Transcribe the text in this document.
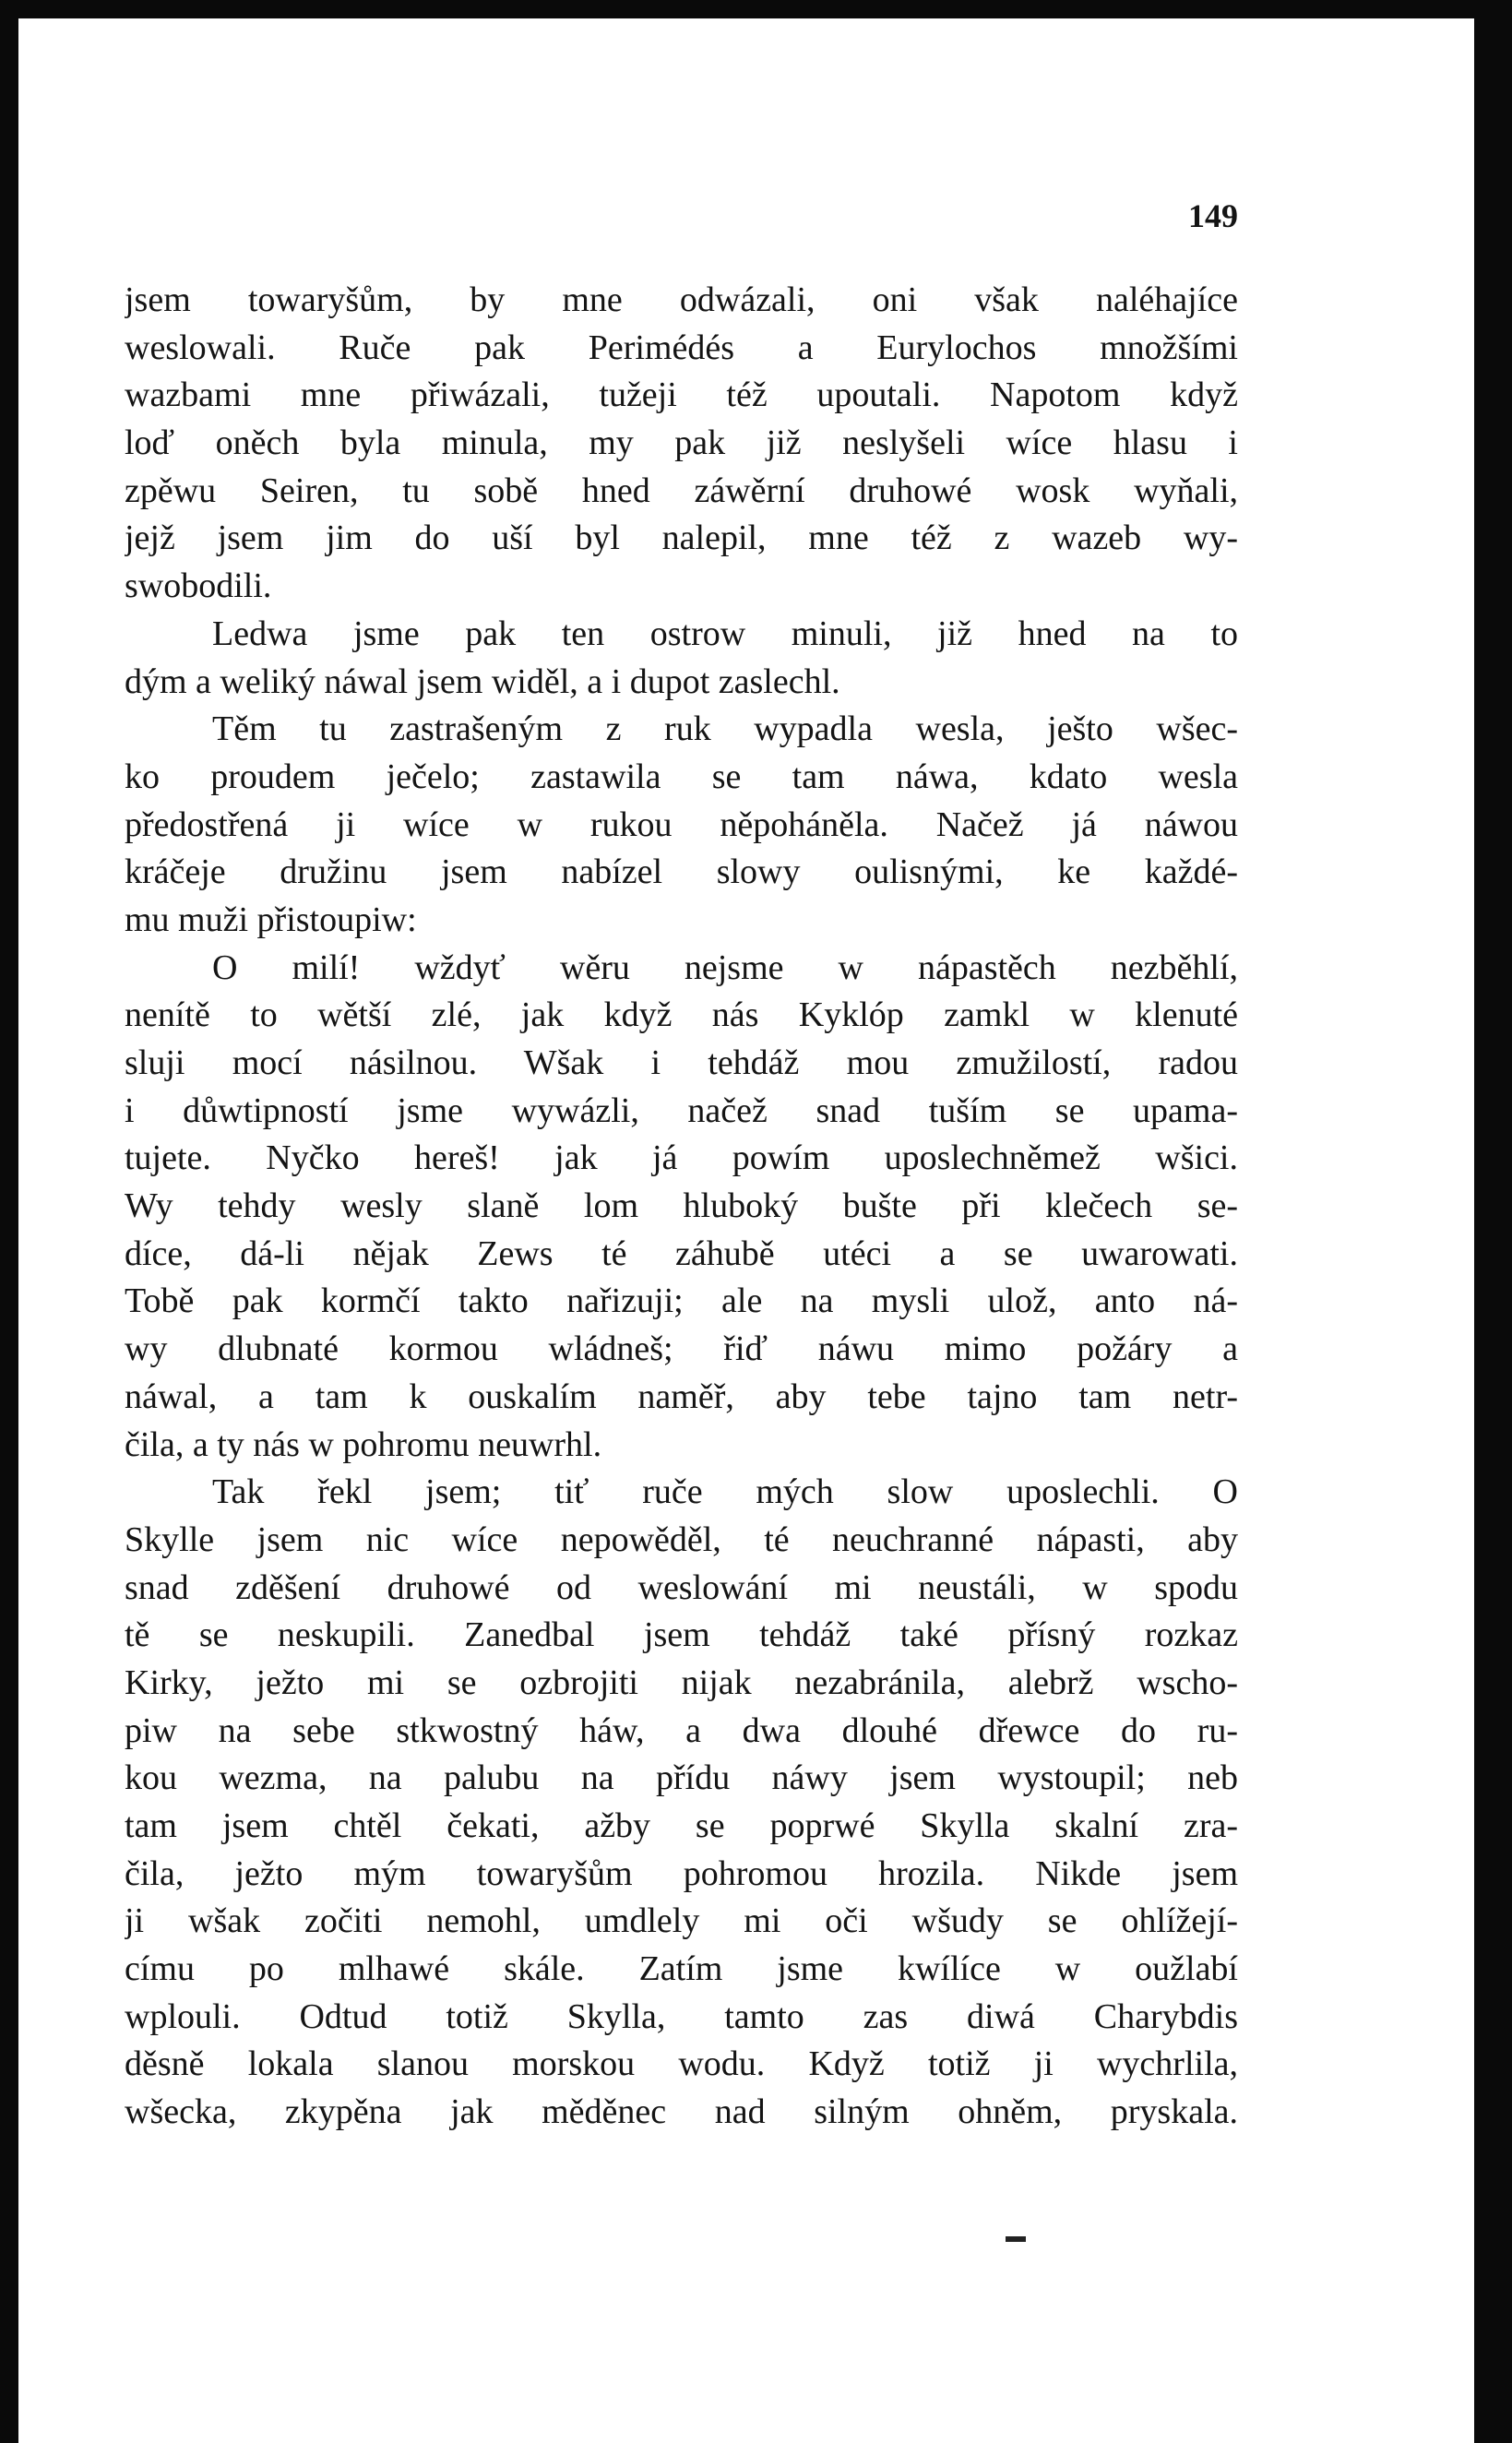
149
jsem towaryšům, by mne odwázali, oni však naléhajíce
weslowali. Ruče pak Perimédés a Eurylochos množšími
wazbami mne přiwázali, tužeji též upoutali. Napotom když
loď oněch byla minula, my pak již neslyšeli wíce hlasu i
zpěwu Seiren, tu sobě hned záwěrní druhowé wosk wyňali,
jejž jsem jim do uší byl nalepil, mne též z wazeb wy-
swobodili.
Ledwa jsme pak ten ostrow minuli, již hned na to
dým a weliký náwal jsem widěl, a i dupot zaslechl.
Těm tu zastrašeným z ruk wypadla wesla, ješto wšec-
ko proudem ječelo; zastawila se tam náwa, kdato wesla
předostřená ji wíce w rukou něpoháněla. Načež já náwou
kráčeje družinu jsem nabízel slowy oulisnými, ke každé-
mu muži přistoupiw:
O milí! wždyť wěru nejsme w nápastěch nezběhlí,
nenítě to wětší zlé, jak když nás Kyklóp zamkl w klenuté
sluji mocí násilnou. Wšak i tehdáž mou zmužilostí, radou
i důwtipností jsme wywázli, načež snad tuším se upama-
tujete. Nyčko hereš! jak já powím uposlechněmež wšici.
Wy tehdy wesly slaně lom hluboký bušte při klečech se-
díce, dá-li nějak Zews té záhubě utéci a se uwarowati.
Tobě pak kormčí takto nařizuji; ale na mysli ulož, anto ná-
wy dlubnaté kormou wládneš; řiď náwu mimo požáry a
náwal, a tam k ouskalím naměř, aby tebe tajno tam netr-
čila, a ty nás w pohromu neuwrhl.
Tak řekl jsem; tiť ruče mých slow uposlechli. O
Skylle jsem nic wíce nepowěděl, té neuchranné nápasti, aby
snad zděšení druhowé od weslowání mi neustáli, w spodu
tě se neskupili. Zanedbal jsem tehdáž také přísný rozkaz
Kirky, ježto mi se ozbrojiti nijak nezabránila, alebrž wscho-
piw na sebe stkwostný háw, a dwa dlouhé dřewce do ru-
kou wezma, na palubu na přídu náwy jsem wystoupil; neb
tam jsem chtěl čekati, ažby se poprwé Skylla skalní zra-
čila, ježto mým towaryšům pohromou hrozila. Nikde jsem
ji wšak zočiti nemohl, umdlely mi oči wšudy se ohlížejí-
címu po mlhawé skále. Zatím jsme kwílíce w oužlabí
wplouli. Odtud totiž Skylla, tamto zas diwá Charybdis
děsně lokala slanou morskou wodu. Když totiž ji wychrlila,
wšecka, zkypěna jak měděnec nad silným ohněm, pryskala.
